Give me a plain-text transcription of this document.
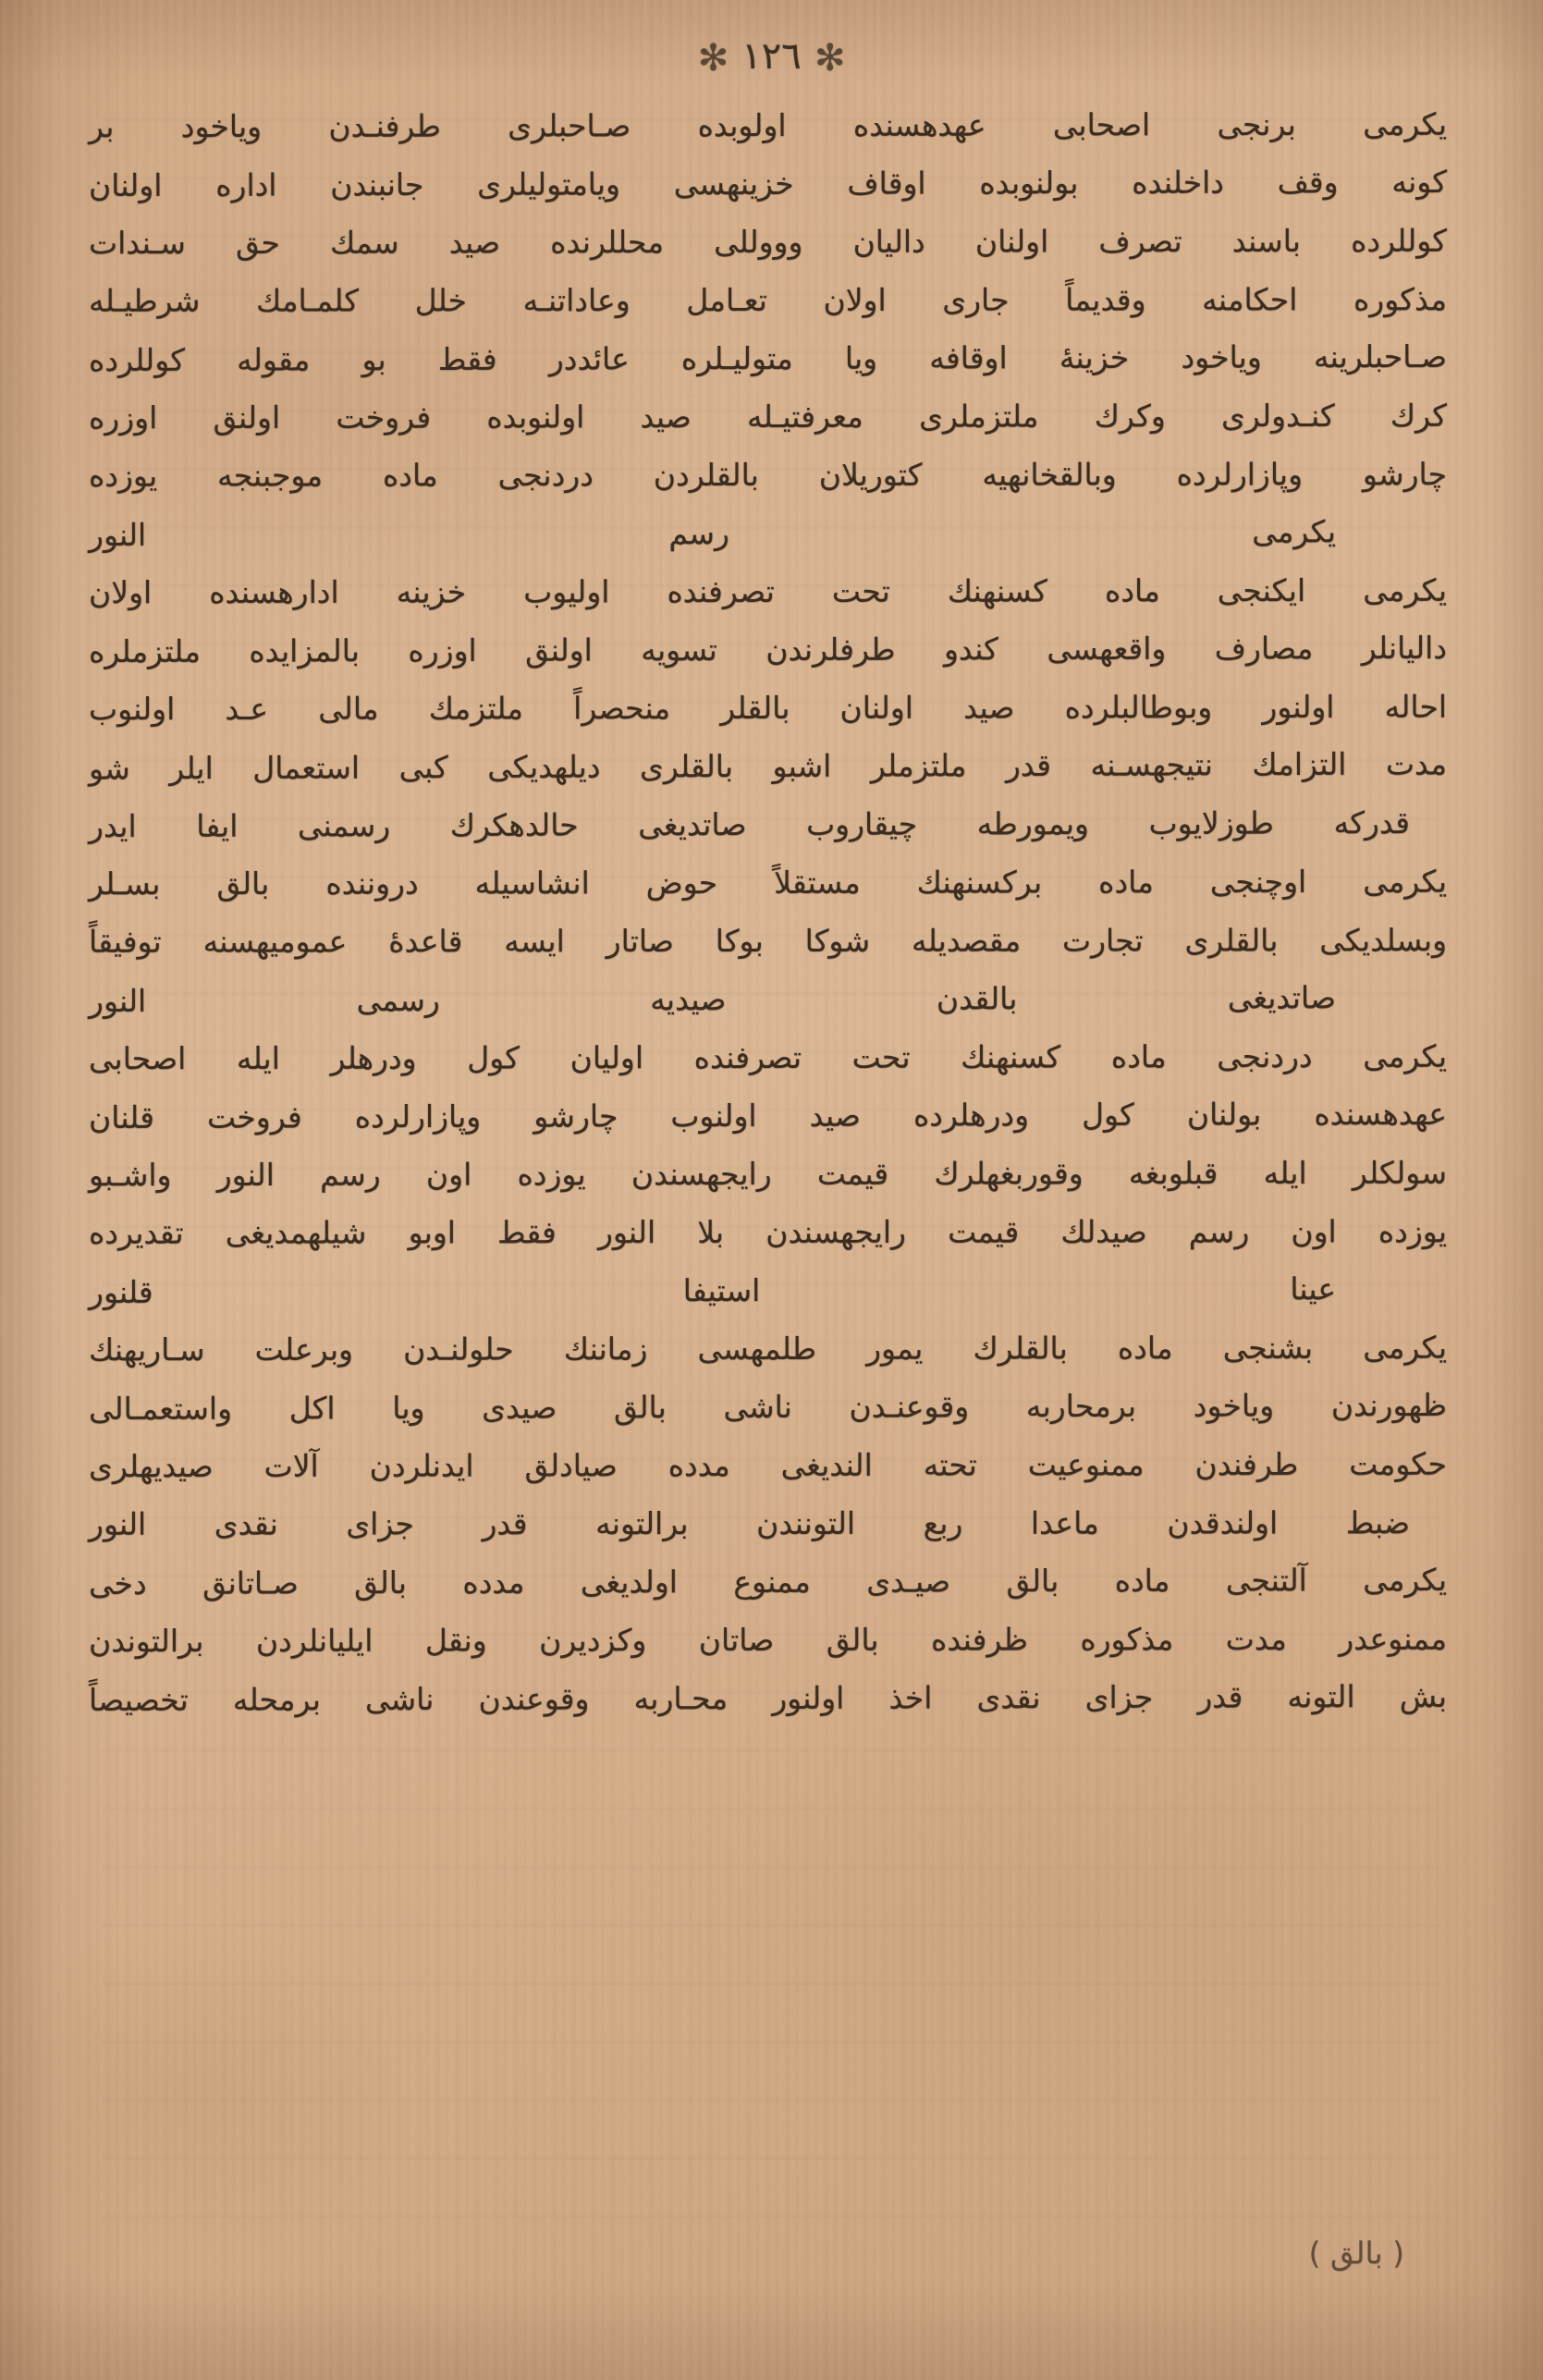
✻
١٢٦
✻
یکرمی برنجی اصحابی عهدهسنده اولوبده صـاحبلری طرفنـدن ویاخود بر
کونه وقف داخلنده بولنوبده اوقاف خزینهسی ویامتولیلری جانبندن اداره اولنان
کوللرده باسند تصرف اولنان دالیان وووللی محللرنده صید سمك حق سـندات
مذکوره احکامنه وقدیماً جاری اولان تعـامل وعاداتنـه خلل کلمـامك شرطیـله
صـاحبلرینه ویاخود خزینهٔ اوقافه ویا متولیـلره عائددر فقط بو مقوله کوللرده
کرك كنـدولری وکرك ملتزملری معرفتیـله صید اولنوبده فروخت اولنق اوزره
چارشو وپازارلرده وبالقخانهیه کتوریلان بالقلردن دردنجی ماده موجبنجه یوزده
یکرمی رسم النور
یکرمی ایکنجی ماده کسنهنك تحت تصرفنده اولیوب خزینه ادارهسنده اولان
دالیانلر مصارف واقعهسی کندو طرفلرندن تسویه اولنق اوزره بالمزایده ملتزملره
احاله اولنور وبوطالبلرده صید اولنان بالقلر منحصراً ملتزمك مالی عـد اولنوب
مدت التزامك نتیجهسـنه قدر ملتزملر اشبو بالقلری دیلهدیکی کبی استعمال ایلر شو
قدرکه طوزلایوب ویمورطه چیقاروب صاتدیغی حالدهکرك رسمنی ایفا ایدر
یکرمی اوچنجی ماده برکسنهنك مستقلاً حوض انشاسیله دروننده بالق بسـلر
وبسلدیکی بالقلری تجارت مقصدیله شوکا بوکا صاتار ایسه قاعدهٔ عمومیهسنه توفیقاً
صاتدیغی بالقدن صیدیه رسمی النور
یکرمی دردنجی ماده کسنهنك تحت تصرفنده اولیان کول ودرهلر ایله اصحابی
عهدهسنده بولنان کول ودرهلرده صید اولنوب چارشو وپازارلرده فروخت قلنان
سولکلر ایله قبلوبغه وقوربغهلرك قیمت رایجهسندن یوزده اون رسم النور واشـبو
یوزده اون رسم صیدلك قیمت رایجهسندن بلا النور فقط اوبو شیلهمدیغی تقدیرده
عینا استیفا قلنور
یکرمی بشنجی ماده بالقلرك یمور طلمهسی زماننك حلولنـدن وبرعلت سـاریهنك
ظهورندن ویاخود برمحاربه وقوعنـدن ناشی بالق صیدی ویا اکل واستعمـالی
حکومت طرفندن ممنوعیت تحته الندیغی مدده صیادلق ایدنلردن آلات صیدیهلری
ضبط اولندقدن ماعدا ربع التونندن برالتونه قدر جزای نقدی النور
یکرمی آلتنجی ماده بالق صیـدی ممنوع اولدیغی مدده بالق صـاتانق دخی
ممنوعدر مدت مذکوره ظرفنده بالق صاتان وکزدیرن ونقل ایلیانلردن برالتوندن
بش التونه قدر جزای نقدی اخذ اولنور محـاربه وقوعندن ناشی برمحله تخصیصاً
( بالق )
